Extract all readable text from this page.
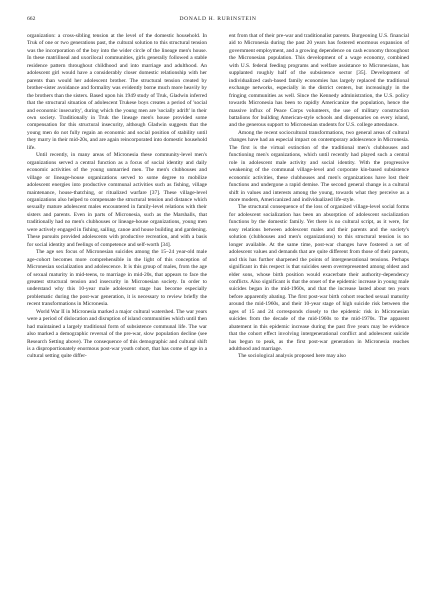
662	DONALD H. RUBINSTEIN

organization: a cross-sibling tension at the level of the domestic household. In Truk of one or two generations past, the cultural solution to this structural tension was the incorporation of the boy into the wider circle of the lineage men's house. In these matrilineal and uxorilocal communities, girls generally followed a stable residence pattern throughout childhood and into marriage and adulthood. An adolescent girl would have a considerably closer domestic relationship with her parents than would her adolescent brother. The structural tension created by brother-sister avoidance and formality was evidently borne much more heavily by the brothers than the sisters. Based upon his 1949 study of Truk, Gladwin inferred that the structural situation of adolescent Trukese boys creates a period of 'social and economic insecurity', during which the young men are 'socially adrift' in their own society. Traditionally in Truk the lineage men's house provided some compensation for this structural insecurity, although Gladwin suggests that the young men do not fully regain an economic and social position of stability until they marry in their mid-20s, and are again reincorporated into domestic household life.

Until recently, in many areas of Micronesia these community-level men's organizations served a central function as a focus of social identity and daily economic activities of the young unmarried men. The men's clubhouses and village or lineage-house organizations served to some degree to mobilize adolescent energies into productive communal activities such as fishing, village maintenance, house-thatching, or ritualized warfare [37]. These village-level organizations also helped to compensate the structural tension and distance which sexually mature adolescent males encountered in family-level relations with their sisters and parents. Even in parts of Micronesia, such as the Marshalls, that traditionally had no men's clubhouses or lineage-house organizations, young men were actively engaged in fishing, sailing, canoe and house building and gardening. These pursuits provided adolescents with productive recreation, and with a basis for social identity and feelings of competence and self-worth [34].

The age sex focus of Micronesian suicides among the 15–24 year-old male age-cohort becomes more comprehensible in the light of this conception of Micronesian socialization and adolescence. It is this group of males, from the age of sexual maturity in mid-teens, to marriage in mid-20s, that appears to face the greatest structural tension and insecurity in Micronesian society. In order to understand why this 10-year male adolescent stage has become especially problematic during the post-war generation, it is necessary to review briefly the recent transformations in Micronesia.

World War II in Micronesia marked a major cultural watershed. The war years were a period of dislocation and disruption of island communities which until then had maintained a largely traditional form of subsistence communal life. The war also marked a demographic reversal of the pre-war, slow population decline (see Research Setting above). The consequence of this demographic and cultural shift is a disproportionately enormous post-war youth cohort, that has come of age in a cultural setting quite differ-

ent from that of their pre-war and traditionalist parents. Burgeoning U.S. financial aid to Micronesia during the past 20 years has fostered enormous expansion of government employment, and a growing dependence on cash economy throughout the Micronesian population. This development of a wage economy, combined with U.S. federal feeding programs and welfare assistance to Micronesians, has supplanted roughly half of the subsistence sector [35]. Development of individualized cash-based family economies has largely replaced the traditional exchange networks, especially in the district centers, but increasingly in the fringing communities as well. Since the Kennedy administration, the U.S. policy towards Micronesia has been to rapidly Americanize the population, hence the massive influx of Peace Corps volunteers, the use of military construction battalions for building American-style schools and dispensaries on every island, and the generous support to Micronesian students for U.S. college attendance.

Among the recent sociocultural transformations, two general areas of cultural changes have had an especial impact on contemporary adolescence in Micronesia. The first is the virtual extinction of the traditional men's clubhouses and functioning men's organizations, which until recently had played such a central role in adolescent male activity and social identity. With the progressive weakening of the communal village-level and corporate kin-based subsistence economic activities, these clubhouses and men's organizations have lost their functions and undergone a rapid demise. The second general change is a cultural shift in values and interests among the young, towards what they perceive as a more modern, Americanized and individualized life-style.

The structural consequence of the loss of organized village-level social forms for adolescent socialization has been an absorption of adolescent socialization functions by the domestic family. Yet there is no cultural script, as it were, for easy relations between adolescent males and their parents and the society's solution (clubhouses and men's organizations) to this structural tension is no longer available. At the same time, post-war changes have fostered a set of adolescent values and demands that are quite different from those of their parents, and this has further sharpened the points of intergenerational tensions. Perhaps significant in this respect is that suicides seem overrepresented among oldest and elder sons, whose birth position would exacerbate their authority-dependency conflicts. Also significant is that the onset of the epidemic increase in young male suicides began in the mid-1960s, and that the increase lasted about ten years before apparently abating. The first post-war birth cohort reached sexual maturity around the mid-1960s, and their 10-year stage of high suicide risk between the ages of 15 and 24 corresponds closely to the epidemic risk in Micronesian suicides from the decade of the mid-1960s to the mid-1970s. The apparent abatement in this epidemic increase during the past five years may be evidence that the cohort effect involving intergenerational conflict and adolescent suicide has begun to peak, as the first post-war generation in Micronesia reaches adulthood and marriage.

The sociological analysis proposed here may also
